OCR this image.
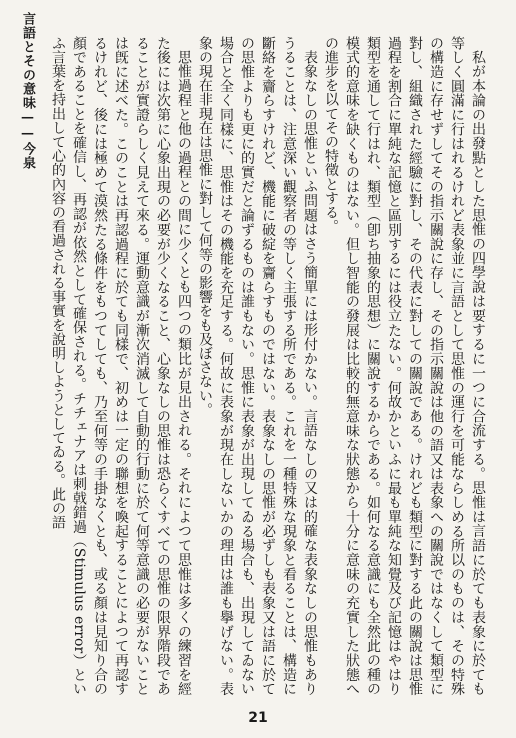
言語とその意味——今泉	私が本論の出發點とした思惟の四學說は要するに一つに合流する。思惟は言語に於ても表象に於ても等しく圓滿に行はれるけれど表象並に言語として思惟の運行を可能ならしめる所以のものは、その特殊の構造に存せずしてその指示關說に存し、その指示關說は他の語又は表象への關說ではなくして類型に對し、組織された經驗に對し、その代表に對しての關說である。けれども類型に對する此の關說は思惟過程を割合に單純な記憶と區別するには役立たない。何故かといふに最も單純な知覺及び記憶はやはり類型を通して行はれ、類型（卽ち抽象的思想）に關說するからである。如何なる意識にも全然此の種の模式的意味を缺くものはない。但し智能の發展は比較的無意味な狀態から十分に意味の充實した狀態への進步を以てその特徵とする。

表象なしの思惟といふ問題はさう簡單には形付かない。言語なしの又は的確な表象なしの思惟もありうることは、注意深い觀察者の等しく主張する所である。これを一種特殊な現象と看ることは、構造に斷絡を齎らすけれど、機能に破綻を齎らすものではない。表象なしの思惟が必ずしも表象又は語に於ての思惟よりも更に的實だと論ずるものは誰もない。思惟に表象が出現してゐる場合も、出現してゐない場合と全く同樣に、思惟はその機能を充足する。何故に表象が現在しないかの理由は誰も擧げない。表象の現在非現在は思惟に對して何等の影響をも及ぼさない。

思惟過程と他の過程との間に少くとも四つの類比が見出される。それによつて思惟は多くの練習を經た後には次第に心象出現の必要が少くなること、心象なしの思惟は恐らくすべての思惟の限界階段であることが實證らしく見えて來る。運動意識が漸次消滅して自動的行動に於て何等意識の必要がないことは旣に述べた。このことは再認過程に於ても同樣で、初めは一定の聯想を喚起することによつて再認するけれど、後には極めて漠然たる條件をもつてしても、乃至何等の手掛なくとも、或る顏は見知り合の顏であることを確信し、再認が依然として確保される。チチェナアは刺戟錯過（Stimulus error）といふ言葉を持出して心的內容の看過される事實を說明しようとしてゐる。此の語

21
